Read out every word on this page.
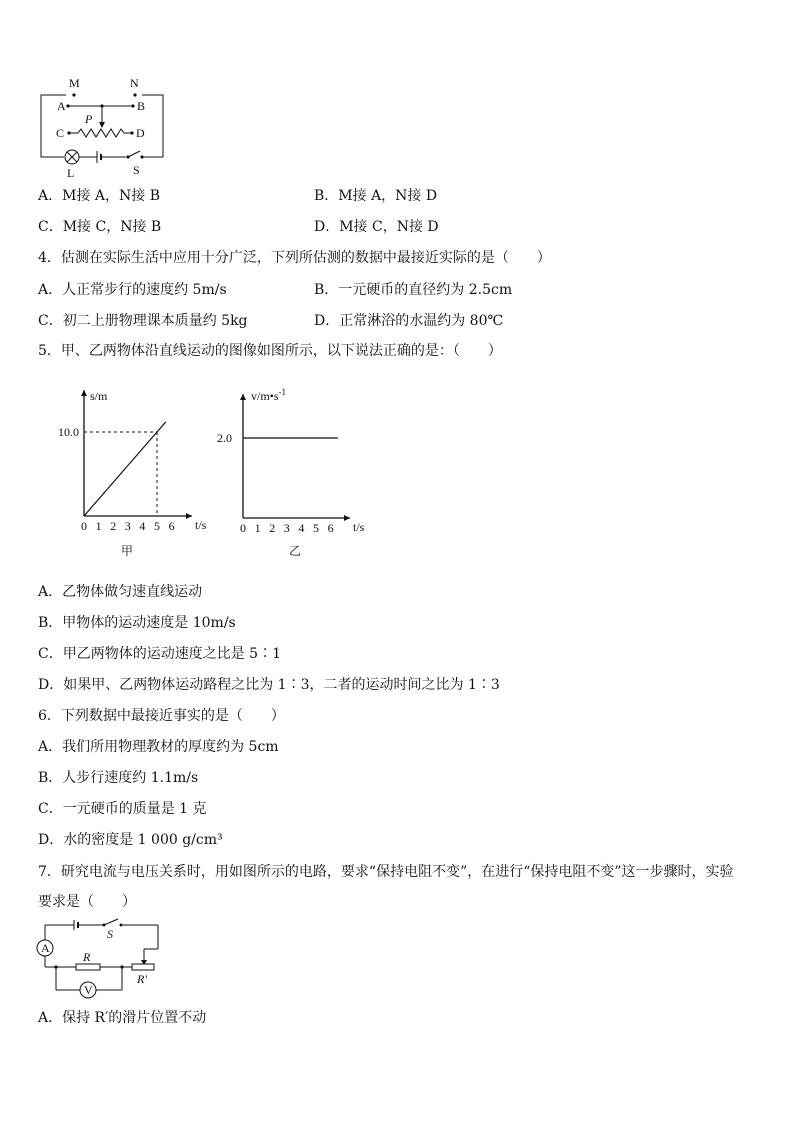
M	N
A	B
P
C	D
L	S
A．M接 A，N接 B	B．M接 A，N接 D
C．M接 C，N接 B	D．M接 C，N接 D
4．估测在实际生活中应用十分广泛，下列所估测的数据中最接近实际的是（　　）
A．人正常步行的速度约 5m/s	B．一元硬币的直径约为 2.5cm
C．初二上册物理课本质量约 5kg	D．正常淋浴的水温约为 80℃
5．甲、乙两物体沿直线运动的图像如图所示，以下说法正确的是：（　　）
0 1 2 3 4 5 6
10.0
s/m
t/s
甲
0 1 2 3 4 5 6
2.0
$v/m•s^{-1}$
t/s
乙
A．乙物体做匀速直线运动
B．甲物体的运动速度是 10m/s
C．甲乙两物体的运动速度之比是 5∶1
D．如果甲、乙两物体运动路程之比为 1∶3，二者的运动时间之比为 1∶3
6．下列数据中最接近事实的是（　　）
A．我们所用物理教材的厚度约为 5cm
B．人步行速度约 1.1m/s
C．一元硬币的质量是 1 克
D．水的密度是 1 000 g/cm³
7．研究电流与电压关系时，用如图所示的电路，要求“保持电阻不变”，在进行“保持电阻不变”这一步骤时，实验
要求是（　　）
S
A
R
R′
V
A．保持 R′的滑片位置不动
